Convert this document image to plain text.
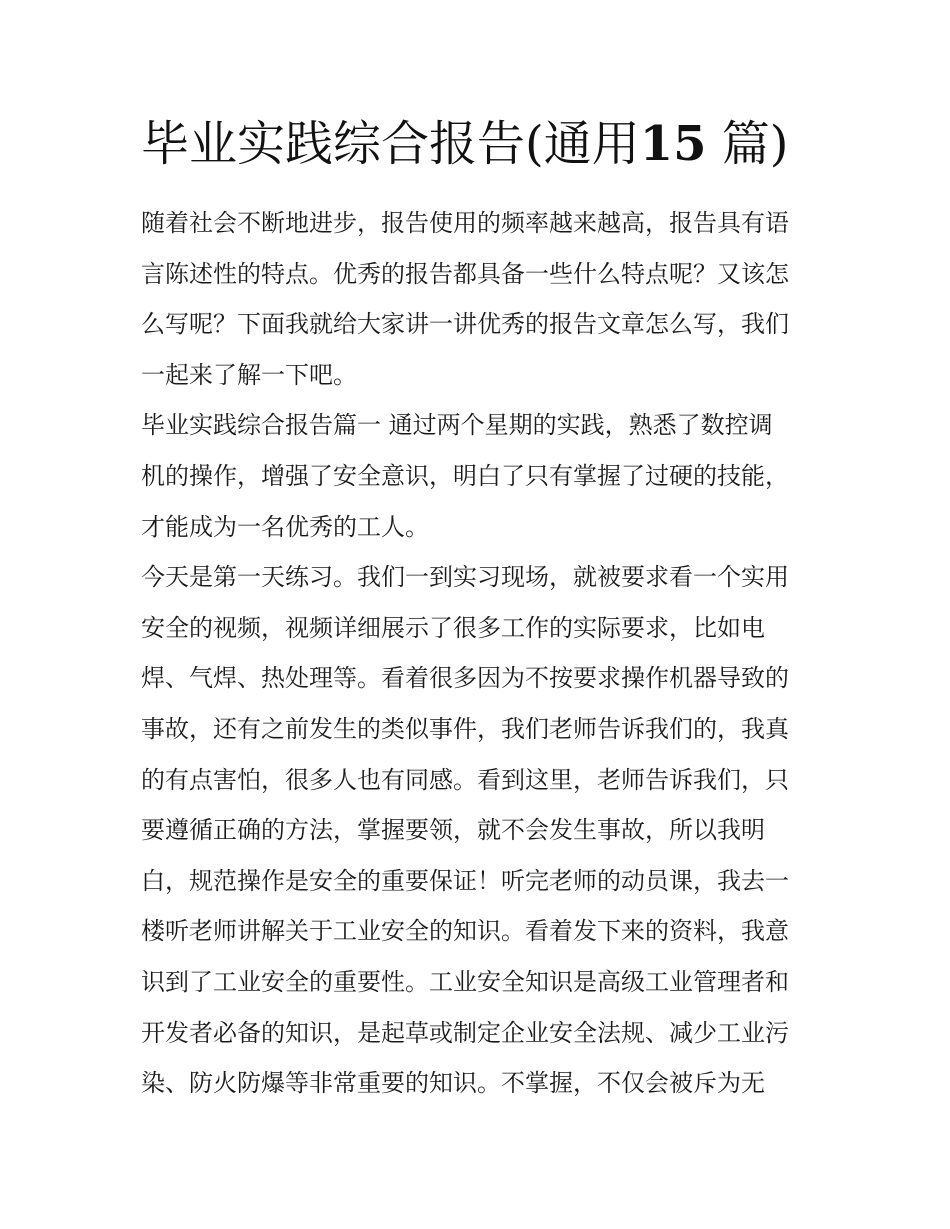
毕业实践综合报告(通用15 篇)

随着社会不断地进步，报告使用的频率越来越高，报告具有语

言陈述性的特点。优秀的报告都具备一些什么特点呢？又该怎

么写呢？下面我就给大家讲一讲优秀的报告文章怎么写，我们

一起来了解一下吧。

毕业实践综合报告篇一 通过两个星期的实践，熟悉了数控调

机的操作，增强了安全意识，明白了只有掌握了过硬的技能，

才能成为一名优秀的工人。

今天是第一天练习。我们一到实习现场，就被要求看一个实用

安全的视频，视频详细展示了很多工作的实际要求，比如电

焊、气焊、热处理等。看着很多因为不按要求操作机器导致的

事故，还有之前发生的类似事件，我们老师告诉我们的，我真

的有点害怕，很多人也有同感。看到这里，老师告诉我们，只

要遵循正确的方法，掌握要领，就不会发生事故，所以我明

白，规范操作是安全的重要保证！听完老师的动员课，我去一

楼听老师讲解关于工业安全的知识。看着发下来的资料，我意

识到了工业安全的重要性。工业安全知识是高级工业管理者和

开发者必备的知识，是起草或制定企业安全法规、减少工业污

染、防火防爆等非常重要的知识。不掌握，不仅会被斥为无
